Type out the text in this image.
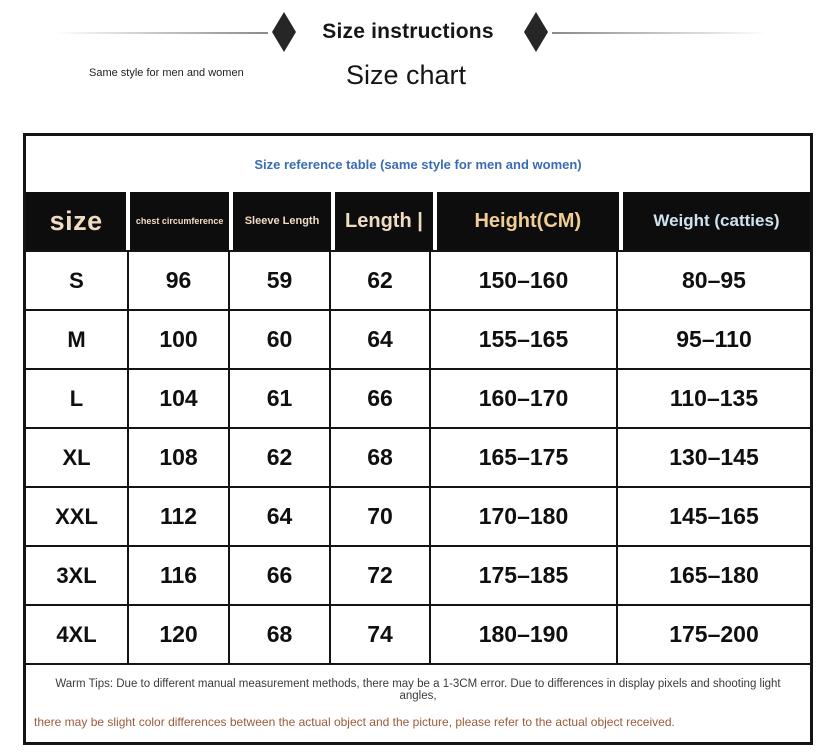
Size instructions
Same style for men and women	Size chart
Size reference table (same style for men and women)
size	chest circumference	Sleeve Length	Length |	Height(CM)	Weight (catties)
S	96	59	62	150–160	80–95
M	100	60	64	155–165	95–110
L	104	61	66	160–170	110–135
XL	108	62	68	165–175	130–145
XXL	112	64	70	170–180	145–165
3XL	116	66	72	175–185	165–180
4XL	120	68	74	180–190	175–200
Warm Tips: Due to different manual measurement methods, there may be a 1-3CM error. Due to differences in display pixels and shooting light angles,
there may be slight color differences between the actual object and the picture, please refer to the actual object received.
